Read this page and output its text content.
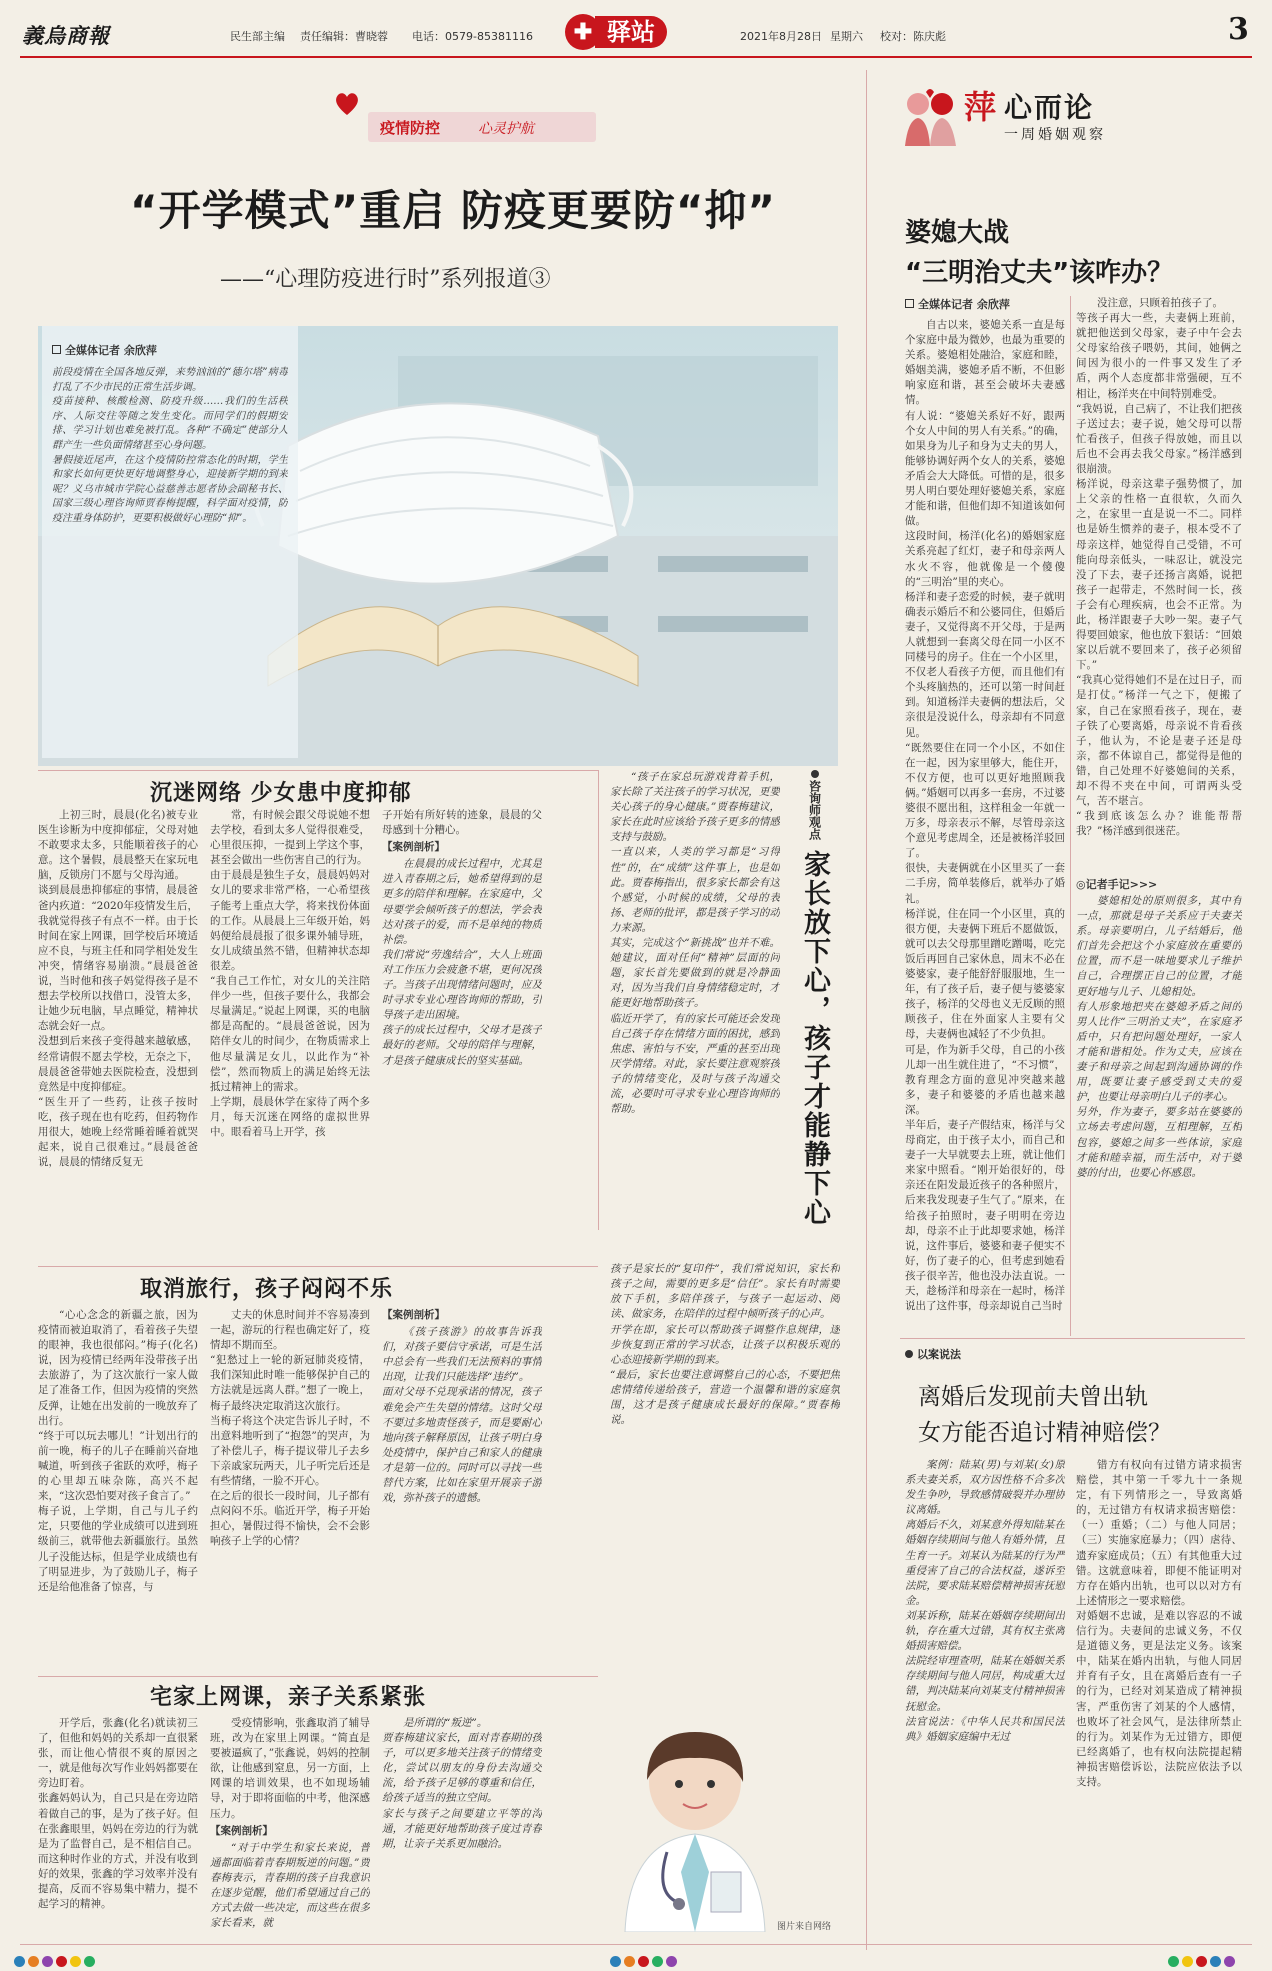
義烏商報	民生部主编 责任编辑：曹晓蓉 电话：0579-85381116	✚ 驿站	2021年8月28日 星期六 校对：陈庆彪	3
疫情防控	心灵护航
“开学模式”重启 防疫更要防“抑”
——“心理防疫进行时”系列报道③
全媒体记者 余欣萍
前段疫情在全国各地反弹，来势汹汹的“德尔塔”病毒打乱了不少市民的正常生活步调。
疫苗接种、核酸检测、防疫升级……我们的生活秩序、人际交往等随之发生变化。而同学们的假期安排、学习计划也难免被打乱。各种“不确定”使部分人群产生一些负面情绪甚至心身问题。
暑假接近尾声，在这个疫情防控常态化的时期，学生和家长如何更快更好地调整身心，迎接新学期的到来呢？义乌市城市学院心益慈善志愿者协会副秘书长、国家三级心理咨询师贾春梅提醒，科学面对疫情，防疫注重身体防护，更要积极做好心理防“抑”。
沉迷网络 少女患中度抑郁
上初三时，晨晨(化名)被专业医生诊断为中度抑郁症，父母对她不敢要求太多，只能顺着孩子的心意。这个暑假，晨晨整天在家玩电脑，反锁房门不愿与父母沟通。
谈到晨晨患抑郁症的事情，晨晨爸爸内疚道：“2020年疫情发生后，我就觉得孩子有点不一样。由于长时间在家上网课，回学校后环境适应不良，与班主任和同学相处发生冲突，情绪容易崩溃。”晨晨爸爸说，当时他和孩子妈觉得孩子是不想去学校所以找借口，没管太多，让她少玩电脑，早点睡觉，精神状态就会好一点。
没想到后来孩子变得越来越敏感，经常请假不愿去学校，无奈之下，晨晨爸爸带她去医院检查，没想到竟然是中度抑郁症。
“医生开了一些药，让孩子按时吃，孩子现在也有吃药，但药物作用很大，她晚上经常睡着睡着就哭起来，说自己很难过。”晨晨爸爸说，晨晨的情绪反复无
常，有时候会跟父母说她不想去学校，看到太多人觉得很难受，心里很压抑，一提到上学这个事，甚至会做出一些伤害自己的行为。
由于晨晨是独生子女，晨晨妈妈对女儿的要求非常严格，一心希望孩子能考上重点大学，将来找份体面的工作。从晨晨上三年级开始，妈妈便给晨晨报了很多课外辅导班，女儿成绩虽然不错，但精神状态却很差。
“我自己工作忙，对女儿的关注陪伴少一些，但孩子要什么，我都会尽量满足。”说起上网课，买的电脑都是高配的。“晨晨爸爸说，因为陪伴女儿的时间少，在物质需求上他尽量满足女儿，以此作为“补偿”，然而物质上的满足始终无法抵过精神上的需求。
上学期，晨晨休学在家待了两个多月，每天沉迷在网络的虚拟世界中。眼看着马上开学，孩
子开始有所好转的迹象，晨晨的父母感到十分糟心。
【案例剖析】
在晨晨的成长过程中，尤其是进入青春期之后，她希望得到的是更多的陪伴和理解。在家庭中，父母要学会倾听孩子的想法，学会表达对孩子的爱，而不是单纯的物质补偿。
我们常说“劳逸结合”，大人上班面对工作压力会疲惫不堪，更何况孩子。当孩子出现情绪问题时，应及时寻求专业心理咨询师的帮助，引导孩子走出困境。
孩子的成长过程中，父母才是孩子最好的老师。父母的陪伴与理解，才是孩子健康成长的坚实基础。
取消旅行，孩子闷闷不乐
“心心念念的新疆之旅，因为疫情而被迫取消了，看着孩子失望的眼神，我也很郁闷。”梅子(化名)说，因为疫情已经两年没带孩子出去旅游了，为了这次旅行一家人做足了准备工作，但因为疫情的突然反弹，让她在出发前的一晚放弃了出行。
“终于可以玩去哪儿！”计划出行的前一晚，梅子的儿子在睡前兴奋地喊道，听到孩子雀跃的欢呼，梅子的心里却五味杂陈，高兴不起来，“这次恐怕要对孩子食言了。”
梅子说，上学期，自己与儿子约定，只要他的学业成绩可以进到班级前三，就带他去新疆旅行。虽然儿子没能达标，但是学业成绩也有了明显进步，为了鼓励儿子，梅子还是给他准备了惊喜，与
丈夫的休息时间并不容易凑到一起，游玩的行程也确定好了，疫情却不期而至。
“犯愁过上一轮的新冠肺炎疫情，我们深知此时唯一能够保护自己的方法就是远离人群。”想了一晚上，梅子最终决定取消这次旅行。
当梅子将这个决定告诉儿子时，不出意料地听到了“抱怨”的哭声，为了补偿儿子，梅子提议带儿子去乡下亲戚家玩两天，儿子听完后还是有些情绪，一脸不开心。
在之后的很长一段时间，儿子都有点闷闷不乐。临近开学，梅子开始担心，暑假过得不愉快，会不会影响孩子上学的心情？
【案例剖析】
《孩子孩游》的故事告诉我们，对孩子要信守承诺，可是生活中总会有一些我们无法预料的事情出现，让我们只能选择“违约”。
面对父母不兑现承诺的情况，孩子难免会产生失望的情绪。这时父母不要过多地责怪孩子，而是要耐心地向孩子解释原因，让孩子明白身处疫情中，保护自己和家人的健康才是第一位的。同时可以寻找一些替代方案，比如在家里开展亲子游戏，弥补孩子的遗憾。
宅家上网课，亲子关系紧张
开学后，张鑫(化名)就读初三了，但他和妈妈的关系却一直很紧张，而让他心情很不爽的原因之一，就是他每次写作业妈妈都要在旁边盯着。
张鑫妈妈认为，自己只是在旁边陪着做自己的事，是为了孩子好。但在张鑫眼里，妈妈在旁边的行为就是为了监督自己，是不相信自己。而这种时作业的方式，并没有收到好的效果，张鑫的学习效率并没有提高，反而不容易集中精力，提不起学习的精神。
受疫情影响，张鑫取消了辅导班，改为在家里上网课。“简直是要被逼疯了，”张鑫说，妈妈的控制欲，让他感到窒息，另一方面，上网课的培训效果，也不如现场辅导，对于即将面临的中考，他深感压力。
【案例剖析】
“对于中学生和家长来说，普通都面临着青春期叛逆的问题。”贾春梅表示，青春期的孩子自我意识在逐步觉醒，他们希望通过自己的方式去做一些决定，而这些在很多家长看来，就
是所谓的“叛逆”。
贾春梅建议家长，面对青春期的孩子，可以更多地关注孩子的情绪变化，尝试以朋友的身份去沟通交流，给予孩子足够的尊重和信任，给孩子适当的独立空间。
家长与孩子之间要建立平等的沟通，才能更好地帮助孩子度过青春期，让亲子关系更加融洽。
图片来自网络
咨询师观点
家长放下心，孩子才能静下心
“孩子在家总玩游戏背着手机，家长除了关注孩子的学习状况，更要关心孩子的身心健康。”贾春梅建议，家长在此时应该给予孩子更多的情感支持与鼓励。
一直以来，人类的学习都是“习得性”的，在“成绩”这件事上，也是如此。贾春梅指出，很多家长都会有这个感觉，小时候的成绩，父母的表扬、老师的批评，都是孩子学习的动力来源。
其实，完成这个“新挑战”也并不难。她建议，面对任何“精神”层面的问题，家长首先要做到的就是冷静面对，因为当我们自身情绪稳定时，才能更好地帮助孩子。
临近开学了，有的家长可能还会发现自己孩子存在情绪方面的困扰，感到焦虑、害怕与不安，严重的甚至出现厌学情绪。对此，家长要注意观察孩子的情绪变化，及时与孩子沟通交流，必要时可寻求专业心理咨询师的帮助。

孩子是家长的“复印件”，我们常说知识，家长和孩子之间，需要的更多是“信任”。家长有时需要放下手机，多陪伴孩子，与孩子一起运动、阅读、做家务，在陪伴的过程中倾听孩子的心声。
开学在即，家长可以帮助孩子调整作息规律，逐步恢复到正常的学习状态，让孩子以积极乐观的心态迎接新学期的到来。
“最后，家长也要注意调整自己的心态，不要把焦虑情绪传递给孩子，营造一个温馨和谐的家庭氛围，这才是孩子健康成长最好的保障。”贾春梅说。
萍 心而论
一周婚姻观察
婆媳大战
“三明治丈夫”该咋办？
全媒体记者 余欣萍
自古以来，婆媳关系一直是每个家庭中最为微妙，也最为重要的关系。婆媳相处融洽，家庭和睦，婚姻美满，婆媳矛盾不断，不但影响家庭和谐，甚至会破坏夫妻感情。
有人说：“婆媳关系好不好，跟两个女人中间的男人有关系。”的确，如果身为儿子和身为丈夫的男人，能够协调好两个女人的关系，婆媳矛盾会大大降低。可惜的是，很多男人明白要处理好婆媳关系，家庭才能和谐，但他们却不知道该如何做。
这段时间，杨洋(化名)的婚姻家庭关系亮起了红灯，妻子和母亲两人水火不容，他就像是一个傻傻的“三明治”里的夹心。
杨洋和妻子恋爱的时候，妻子就明确表示婚后不和公婆同住，但婚后妻子，又觉得离不开父母，于是两人就想到一套离父母在同一小区不同楼号的房子。住在一个小区里，不仅老人看孩子方便，而且他们有个头疼脑热的，还可以第一时间赶到。知道杨洋夫妻俩的想法后，父亲很是没说什么，母亲却有不同意见。
“既然要住在同一个小区，不如住在一起，因为家里够大，能住开，不仅方便，也可以更好地照顾我俩。”婚姻可以再多一套房，不过婆婆很不愿出租，这样租金一年就一万多，母亲表示不解，尽管母亲这个意见考虑周全，还是被杨洋驳回了。
很快，夫妻俩就在小区里买了一套二手房，简单装修后，就举办了婚礼。
杨洋说，住在同一个小区里，真的很方便，夫妻俩下班后不愿做饭，就可以去父母那里蹭吃蹭喝，吃完饭后再回自己家休息，周末不必在婆婆家，妻子能舒舒服服地，生一年，有了孩子后，妻子便与婆婆家孩子，杨洋的父母也义无反顾的照顾孩子，住在外面家人主要有父母，夫妻俩也减轻了不少负担。
可是，作为新手父母，自己的小孩儿却一出生就住进了，“不习惯”，教育理念方面的意见冲突越来越多，妻子和婆婆的矛盾也越来越深。
半年后，妻子产假结束，杨洋与父母商定，由于孩子太小，而自己和妻子一大早就要去上班，就让他们来家中照看。“刚开始很好的，母亲还在阳发最近孩子的各种照片，后来我发现妻子生气了。”原来，在给孩子拍照时，妻子明明在旁边却，母亲不止于此却要求她，杨洋说，这件事后，婆婆和妻子便实不好，伤了妻子的心，但考虑到她看孩子很辛苦，他也没办法直说。一天，趁杨洋和母亲在一起时，杨洋说出了这件事，母亲却说自己当时
没注意，只顾着拍孩子了。
等孩子再大一些，夫妻俩上班前，就把他送到父母家，妻子中午会去父母家给孩子喂奶，其间，她俩之间因为很小的一件事又发生了矛盾，两个人态度都非常强硬，互不相让，杨洋夹在中间特别难受。
“我妈说，自己病了，不让我们把孩子送过去；妻子说，她父母可以帮忙看孩子，但孩子得放她，而且以后也不会再去我父母家。”杨洋感到很崩溃。
杨洋说，母亲这辈子强势惯了，加上父亲的性格一直很软，久而久之，在家里一直是说一不二。同样也是娇生惯养的妻子，根本受不了母亲这样，她觉得自己受错，不可能向母亲低头，一味忍让，就没完没了下去，妻子还扬言离婚，说把孩子一起带走，不然时间一长，孩子会有心理疾病，也会不正常。为此，杨洋跟妻子大吵一架。妻子气得要回娘家，他也放下狠话：“回娘家以后就不要回来了，孩子必须留下。”
“我真心觉得她们不是在过日子，而是打仗。”杨洋一气之下，便搬了家，自己在家照看孩子，现在，妻子铁了心要离婚，母亲说不肯看孩子，他认为，不论是妻子还是母亲，都不体谅自己，都觉得是他的错，自己处理不好婆媳间的关系，却不得不夹在中间，可谓两头受气，苦不堪言。
“我到底该怎么办？谁能帮帮我？”杨洋感到很迷茫。
◎记者手记>>>
婆媳相处的原则很多，其中有一点，那就是母子关系应于夫妻关系。母亲要明白，儿子结婚后，他们首先会把这个小家庭放在重要的位置，而不是一味地要求儿子维护自己，合理摆正自己的位置，才能更好地与儿子、儿媳相处。
有人形象地把夹在婆媳矛盾之间的男人比作“三明治丈夫”，在家庭矛盾中，只有把问题处理好，一家人才能和谐相处。作为丈夫，应该在妻子和母亲之间起到沟通协调的作用，既要让妻子感受到丈夫的爱护，也要让母亲明白儿子的孝心。
另外，作为妻子，要多站在婆婆的立场去考虑问题，互相理解，互相包容，婆媳之间多一些体谅，家庭才能和睦幸福，而生活中，对于婆婆的付出，也要心怀感恩。
以案说法
离婚后发现前夫曾出轨
女方能否追讨精神赔偿？
案例：陆某(男)与刘某(女)原系夫妻关系，双方因性格不合多次发生争吵，导致感情破裂并办理协议离婚。
离婚后不久，刘某意外得知陆某在婚姻存续期间与他人有婚外情，且生育一子。刘某认为陆某的行为严重侵害了自己的合法权益，遂诉至法院，要求陆某赔偿精神损害抚慰金。
刘某诉称，陆某在婚姻存续期间出轨，存在重大过错，其有权主张离婚损害赔偿。
法院经审理查明，陆某在婚姻关系存续期间与他人同居，构成重大过错，判决陆某向刘某支付精神损害抚慰金。
法官说法：《中华人民共和国民法典》婚姻家庭编中无过
错方有权向有过错方请求损害赔偿，其中第一千零九十一条规定，有下列情形之一，导致离婚的，无过错方有权请求损害赔偿：（一）重婚；（二）与他人同居；（三）实施家庭暴力；（四）虐待、遗弃家庭成员；（五）有其他重大过错。这就意味着，即便不能证明对方存在婚内出轨，也可以以对方有上述情形之一要求赔偿。
对婚姻不忠诚，是难以容忍的不诚信行为。夫妻间的忠诚义务，不仅是道德义务，更是法定义务。该案中，陆某在婚内出轨，与他人同居并育有子女，且在离婚后查有一子的行为，已经对刘某造成了精神损害，严重伤害了刘某的个人感情，也败坏了社会风气，是法律所禁止的行为。刘某作为无过错方，即便已经离婚了，也有权向法院提起精神损害赔偿诉讼，法院应依法予以支持。
